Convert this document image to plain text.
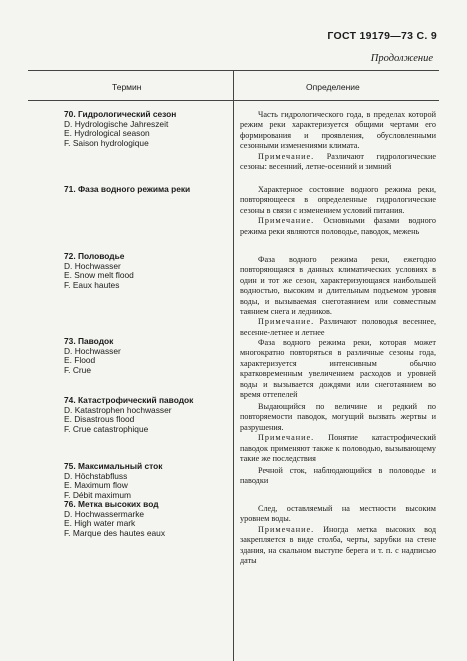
ГОСТ 19179—73 С. 9
Продолжение
Термин	Определение
70. Гидрологический сезон
D. Hydrologische Jahreszeit
E. Hydrological season
F. Saison hydrologique
71. Фаза водного режима реки
72. Половодье
D. Hochwasser
E. Snow melt flood
F. Eaux hautes
73. Паводок
D. Hochwasser
E. Flood
F. Crue
74. Катастрофический паводок
D. Katastrophen hochwasser
E. Disastrous flood
F. Crue catastrophique
75. Максимальный сток
D. Höchstabfluss
E. Maximum flow
F. Débit maximum
76. Метка высоких вод
D. Hochwassermarke
E. High water mark
F. Marque des hautes eaux

Часть гидрологического года, в пределах которой режим реки характеризуется общими чертами его формирования и проявления, обусловленными сезонными изменениями климата.

Примечание. Различают гидрологические сезоны: весенний, летне-осенний и зимний

Характерное состояние водного режима реки, повторяющееся в определенные гидрологические сезоны в связи с изменением условий питания.

Примечание. Основными фазами водного режима реки являются половодье, паводок, межень

Фаза водного режима реки, ежегодно повторяющаяся в данных климатических условиях в один и тот же сезон, характеризующаяся наибольшей водностью, высоким и длительным подъемом уровня воды, и вызываемая снеготаянием или совместным таянием снега и ледников.

Примечание. Различают половодья весеннее, весенне-летнее и летнее

Фаза водного режима реки, которая может многократно повторяться в различные сезоны года, характеризуется интенсивным обычно кратковременным увеличением расходов и уровней воды и вызывается дождями или снеготаянием во время оттепелей

Выдающийся по величине и редкий по повторяемости паводок, могущий вызвать жертвы и разрушения.

Примечание. Понятие катастрофический паводок применяют также к половодью, вызывающему такие же последствия

Речной сток, наблюдающийся в половодье и паводки

След, оставляемый на местности высоким уровнем воды.

Примечание. Иногда метка высоких вод закрепляется в виде столба, черты, зарубки на стене здания, на скальном выступе берега и т. п. с надписью даты
